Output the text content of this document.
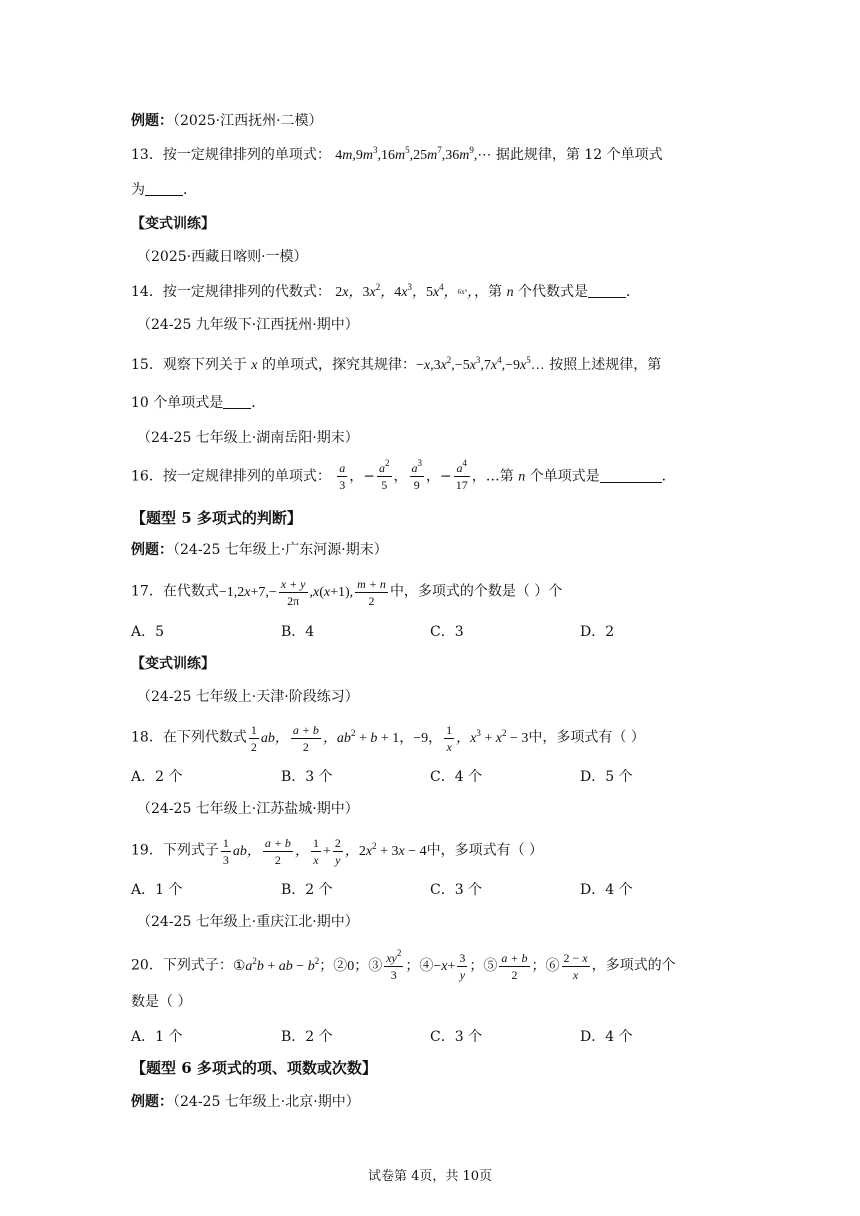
例题：（2025·江西抚州·二模）
13．按一定规律排列的单项式： $4m,9m^3,16m^5,25m^7,36m^9,\cdots$ 据此规律，第 12 个单项式
为	．
【变式训练】
（2025·西藏日喀则·一模）
14．按一定规律排列的代数式： 2x，$3x^2$，$4x^3$，$5x^4$，6x⁵，，第 n 个代数式是	．
（24-25 九年级下·江西抚州·期中）
15．观察下列关于 x 的单项式，探究其规律：$-x,3x^2,-5x^3,7x^4,-9x^5\dots$ 按照上述规律，第
10 个单项式是 ．
（24-25 七年级上·湖南岳阳·期末）
16．按一定规律排列的单项式： $\frac{a}{3}$ ，− $\frac{a^2}{5}$ ， $\frac{a^3}{9}$ ，− $\frac{a^4}{17}$ ，…第 n 个单项式是	．
【题型 5 多项式的判断】
例题：（24-25 七年级上·广东河源·期末）
17．在代数式$-1,2x+7,- \frac{x + y}{2\pi} ,x(x+1)$, $\frac{m + n}{2}$ 中，多项式的个数是（ ）个
A．5	B．4	C．3	D．2
【变式训练】
（24-25 七年级上·天津·阶段练习）
18．在下列代数式 $\frac{1}{2}$ ab， $\frac{a + b}{2}$ ，$ab^2 + b + 1$，−9， $\frac{1}{x}$ ，$x^3 + x^2 - 3$中，多项式有（ ）
A．2 个	B．3 个	C．4 个	D．5 个
（24-25 七年级上·江苏盐城·期中）
19．下列式子 $\frac{1}{3}$ ab， $\frac{a + b}{2}$ ， $\frac{1}{x} + \frac{2}{y}$ ，$2x^2 + 3x - 4$中，多项式有（ ）
A．1 个	B．2 个	C．3 个	D．4 个
（24-25 七年级上·重庆江北·期中）
20．下列式子：$①a^2b$ + ab − $b^2$；②0；③ $\frac{xy^2}{3}$ ；④−x+ $\frac{3}{y}$ ；⑤ $\frac{a + b}{2}$ ；⑥ $\frac{2 - x}{x}$ ，多项式的个
数是（ ）
A．1 个	B．2 个	C．3 个	D．4 个
【题型 6 多项式的项、项数或次数】
例题：（24-25 七年级上·北京·期中）
试卷第 4页，共 10页
